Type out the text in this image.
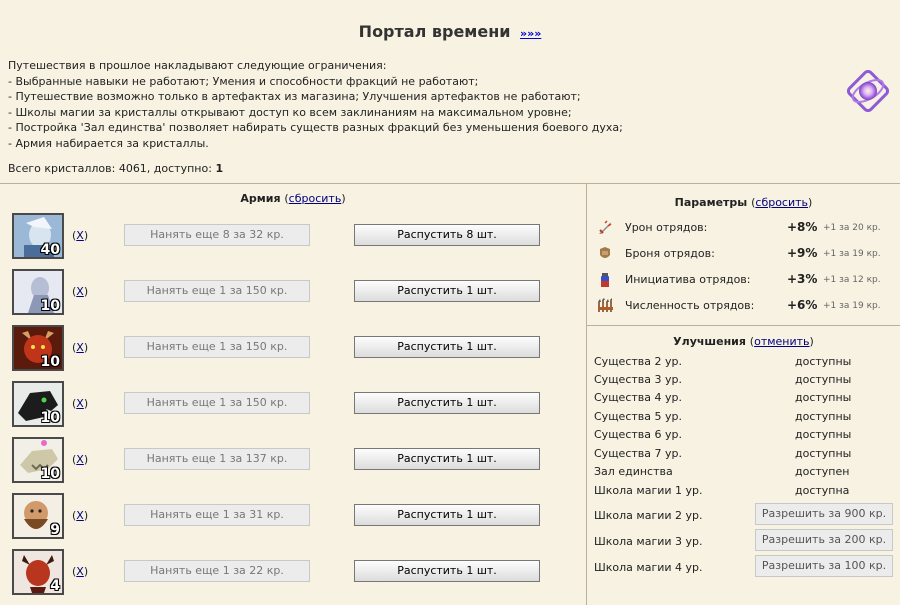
Портал времени »»»
Путешествия в прошлое накладывают следующие ограничения:
- Выбранные навыки не работают; Умения и способности фракций не работают;
- Путешествие возможно только в артефактах из магазина; Улучшения артефактов не работают;
- Школы магии за кристаллы открывают доступ ко всем заклинаниям на максимальном уровне;
- Постройка 'Зал единства' позволяет набирать существ разных фракций без уменьшения боевого духа;
- Армия набирается за кристаллы.
Всего кристаллов: 4061, доступно: 1
Армия (сбросить)
40
(X)	Нанять еще 8 за 32 кр.	Распустить 8 шт.
10
(X)	Нанять еще 1 за 150 кр.	Распустить 1 шт.
10
(X)	Нанять еще 1 за 150 кр.	Распустить 1 шт.
10
(X)	Нанять еще 1 за 150 кр.	Распустить 1 шт.
10
(X)	Нанять еще 1 за 137 кр.	Распустить 1 шт.
9
(X)	Нанять еще 1 за 31 кр.	Распустить 1 шт.
4
(X)	Нанять еще 1 за 22 кр.	Распустить 1 шт.
Параметры (сбросить)
Урон отрядов:	+8% +1 за 20 кр.
Броня отрядов:	+9% +1 за 19 кр.
Инициатива отрядов:	+3% +1 за 12 кр.
Численность отрядов:	+6% +1 за 19 кр.
Улучшения (отменить)
Существа 2 ур.	доступны
Существа 3 ур.	доступны
Существа 4 ур.	доступны
Существа 5 ур.	доступны
Существа 6 ур.	доступны
Существа 7 ур.	доступны
Зал единства	доступен
Школа магии 1 ур.	доступна
Школа магии 2 ур.	Разрешить за 900 кр.
Школа магии 3 ур.	Разрешить за 200 кр.
Школа магии 4 ур.	Разрешить за 100 кр.
